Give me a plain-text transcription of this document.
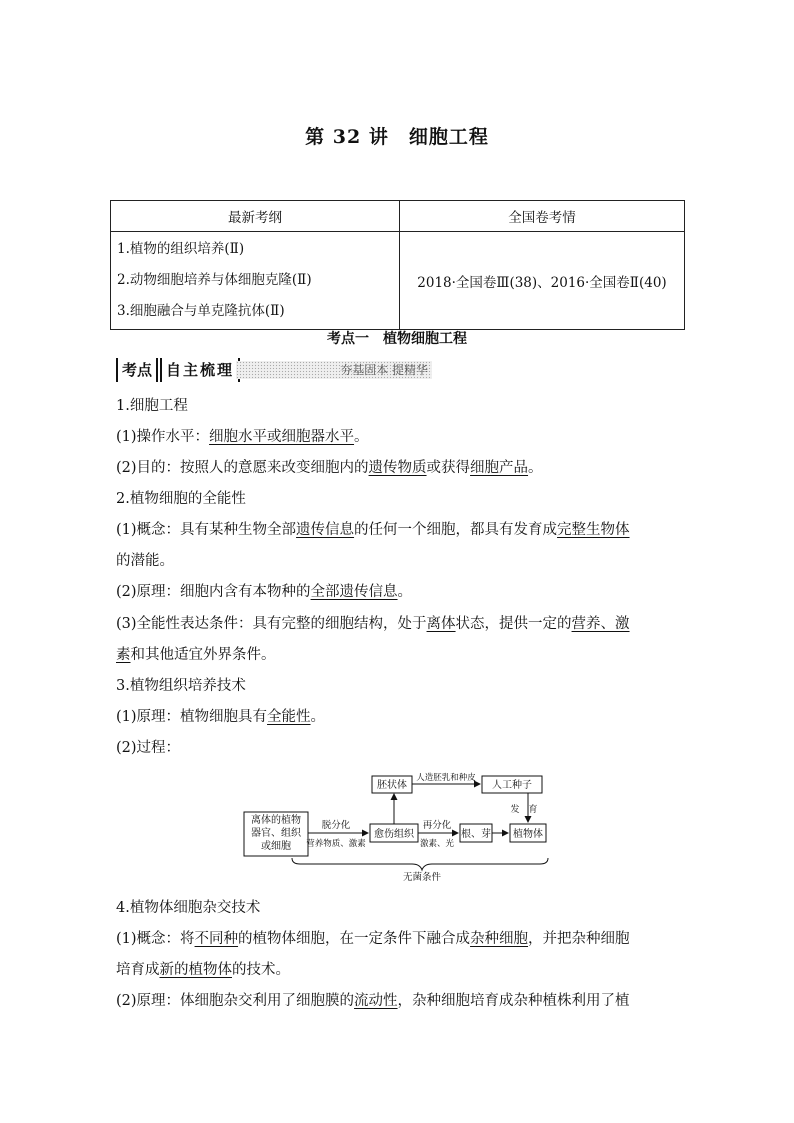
第 32 讲　细胞工程
最新考纲	全国卷考情

1.植物的组织培养(Ⅱ)
2.动物细胞培养与体细胞克隆(Ⅱ)
3.细胞融合与单克隆抗体(Ⅱ)	2018·全国卷Ⅲ(38)、2016·全国卷Ⅱ(40)
考点一　植物细胞工程
考点 自主梳理	夯基固本 提精华
1.细胞工程
(1)操作水平：细胞水平或细胞器水平。
(2)目的：按照人的意愿来改变细胞内的遗传物质或获得细胞产品。
2.植物细胞的全能性
(1)概念：具有某种生物全部遗传信息的任何一个细胞，都具有发育成完整生物体
的潜能。
(2)原理：细胞内含有本物种的全部遗传信息。
(3)全能性表达条件：具有完整的细胞结构，处于离体状态，提供一定的营养、激
素和其他适宜外界条件。
3.植物组织培养技术
(1)原理：植物细胞具有全能性。
(2)过程：
离体的植物
器官、组织
或细胞
脱分化
营养物质、激素
愈伤组织
再分化
激素、光
根、芽 植物体
胚状体
人造胚乳和种皮
人工种子
发　育
无菌条件
4.植物体细胞杂交技术
(1)概念：将不同种的植物体细胞，在一定条件下融合成杂种细胞，并把杂种细胞
培育成新的植物体的技术。
(2)原理：体细胞杂交利用了细胞膜的流动性，杂种细胞培育成杂种植株利用了植
